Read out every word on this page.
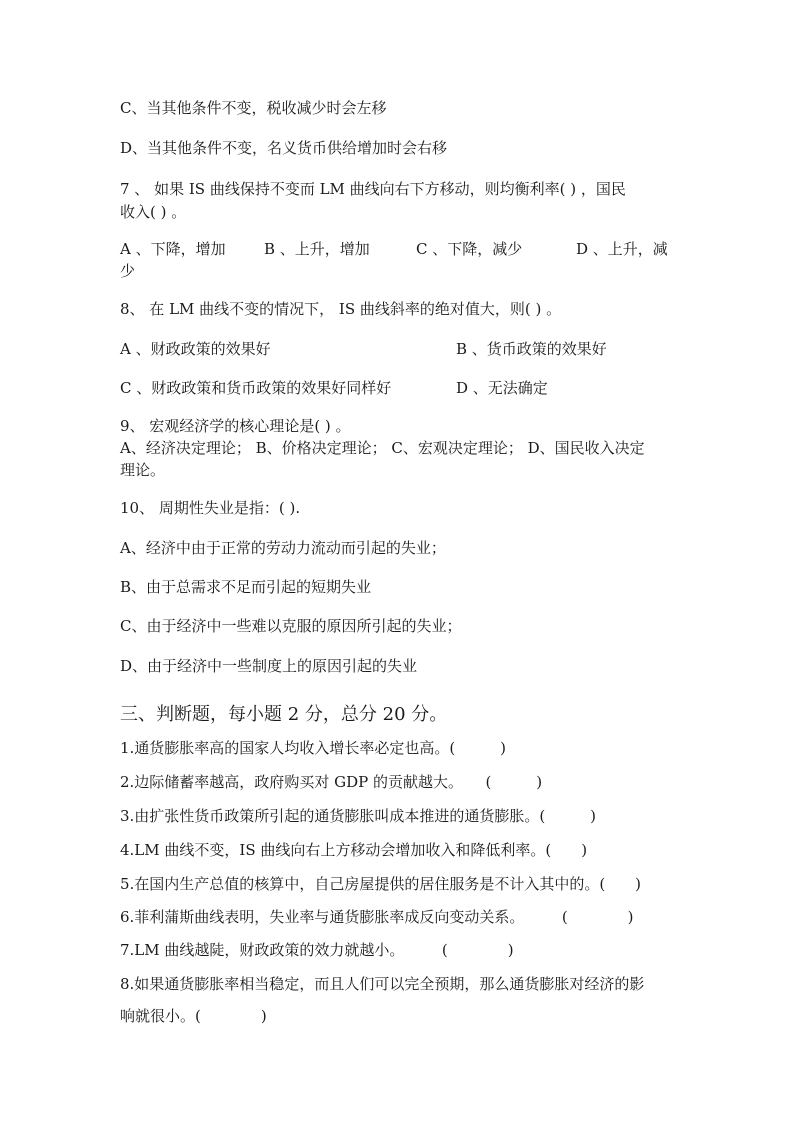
C、当其他条件不变，税收减少时会左移
D、当其他条件不变，名义货币供给增加时会右移
7 、 如果 IS 曲线保持不变而 LM 曲线向右下方移动，则均衡利率( ) ，国民
收入( ) 。
A 、下降，增加	B 、上升，增加	C 、下降，减少	D 、上升，减
少
8、 在 LM 曲线不变的情况下， IS 曲线斜率的绝对值大，则( ) 。
A 、财政政策的效果好	B 、货币政策的效果好
C 、财政政策和货币政策的效果好同样好	D 、无法确定
9、 宏观经济学的核心理论是( ) 。
A、经济决定理论； B、价格决定理论； C、宏观决定理论； D、国民收入决定
理论。
10、 周期性失业是指：( ).
A、经济中由于正常的劳动力流动而引起的失业；
B、由于总需求不足而引起的短期失业
C、由于经济中一些难以克服的原因所引起的失业；
D、由于经济中一些制度上的原因引起的失业
三、判断题，每小题 2 分，总分 20 分。
1.通货膨胀率高的国家人均收入增长率必定也高。(　　　)
2.边际储蓄率越高，政府购买对 GDP 的贡献越大。　　(　　　)
3.由扩张性货币政策所引起的通货膨胀叫成本推进的通货膨胀。(　　　)
4.LM 曲线不变，IS 曲线向右上方移动会增加收入和降低利率。(　　)
5.在国内生产总值的核算中，自己房屋提供的居住服务是不计入其中的。(　　)
6.菲利蒲斯曲线表明，失业率与通货膨胀率成反向变动关系。　　　(　　　　)
7.LM 曲线越陡，财政政策的效力就越小。　　　(　　　　)
8.如果通货膨胀率相当稳定，而且人们可以完全预期，那么通货膨胀对经济的影
响就很小。(　　　　)
